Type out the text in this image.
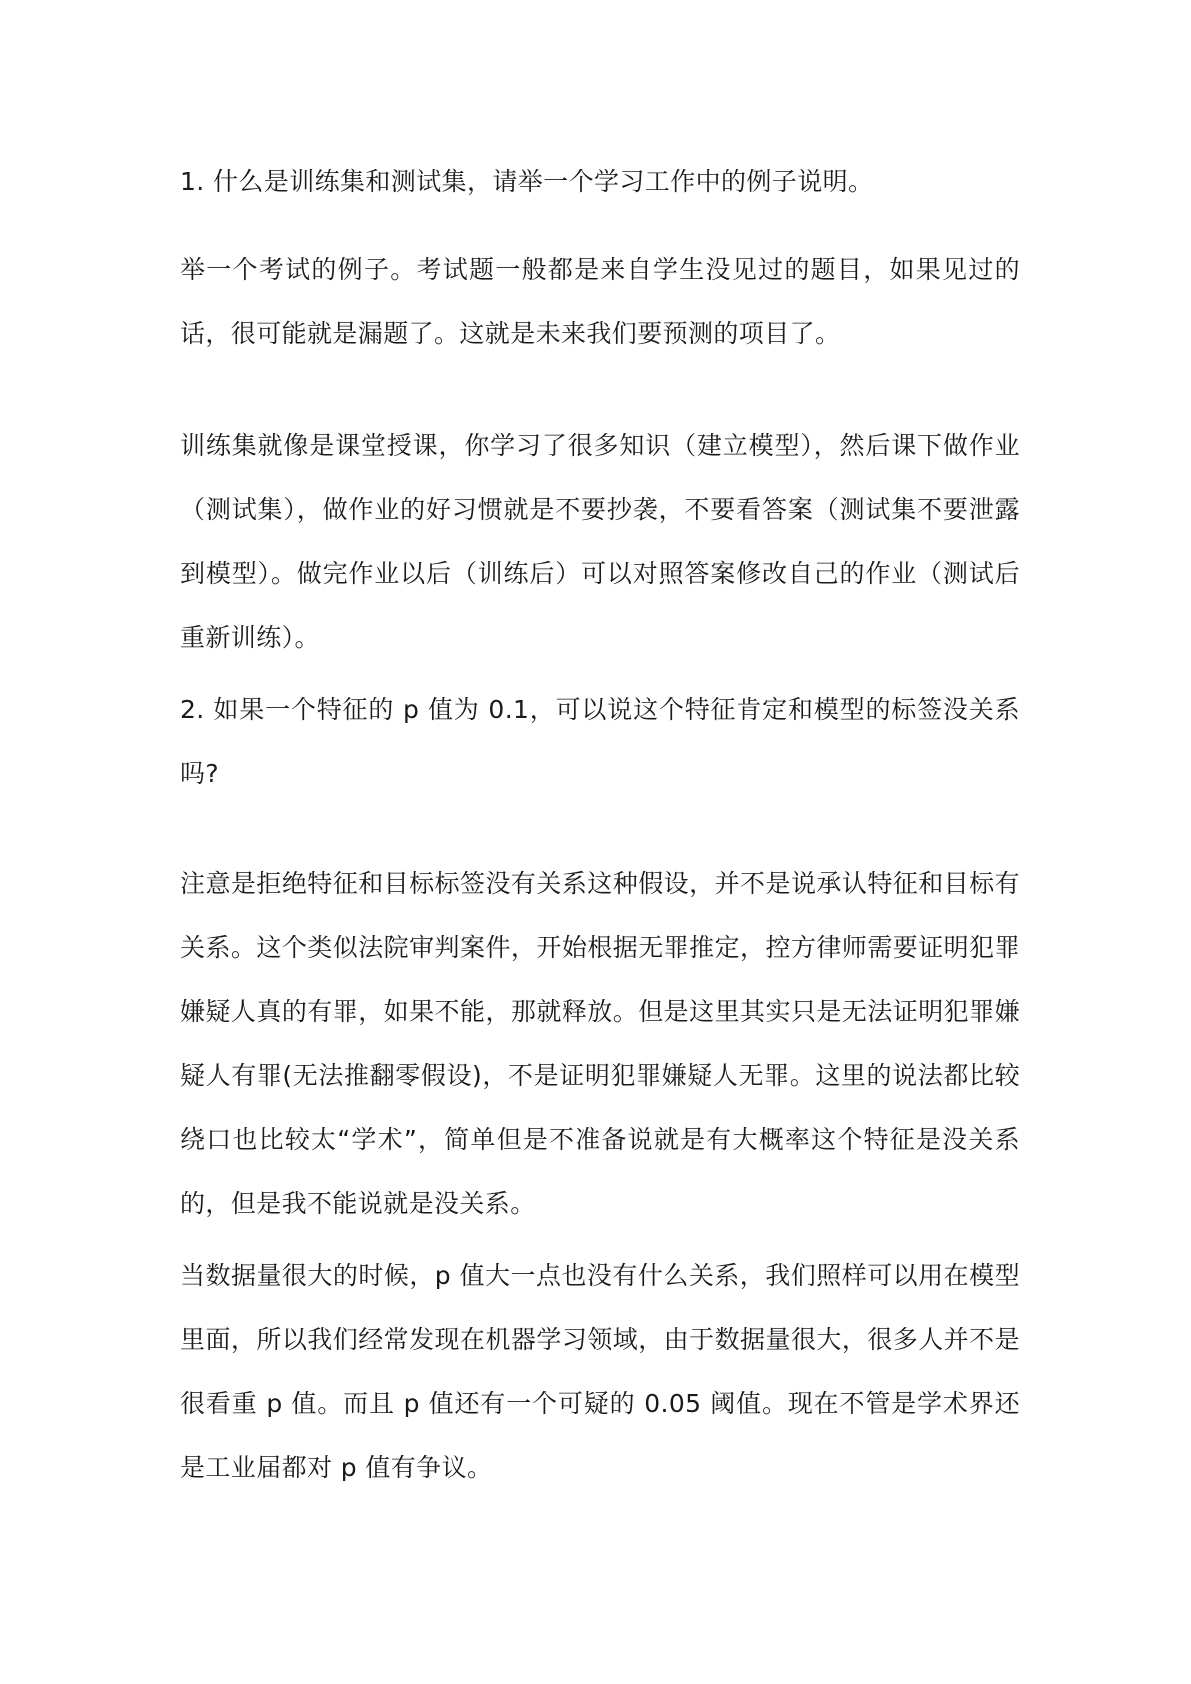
1. 什么是训练集和测试集，请举一个学习工作中的例子说明。

举一个考试的例子。考试题一般都是来自学生没见过的题目，如果见过的话，很可能就是漏题了。这就是未来我们要预测的项目了。

训练集就像是课堂授课，你学习了很多知识（建立模型），然后课下做作业（测试集），做作业的好习惯就是不要抄袭，不要看答案（测试集不要泄露到模型）。做完作业以后（训练后）可以对照答案修改自己的作业（测试后重新训练）。

2. 如果一个特征的 p 值为 0.1，可以说这个特征肯定和模型的标签没关系吗?

注意是拒绝特征和目标标签没有关系这种假设，并不是说承认特征和目标有关系。这个类似法院审判案件，开始根据无罪推定，控方律师需要证明犯罪嫌疑人真的有罪，如果不能，那就释放。但是这里其实只是无法证明犯罪嫌疑人有罪(无法推翻零假设)，不是证明犯罪嫌疑人无罪。这里的说法都比较绕口也比较太“学术”，简单但是不准备说就是有大概率这个特征是没关系的，但是我不能说就是没关系。

当数据量很大的时候，p 值大一点也没有什么关系，我们照样可以用在模型里面，所以我们经常发现在机器学习领域，由于数据量很大，很多人并不是很看重 p 值。而且 p 值还有一个可疑的 0.05 阈值。现在不管是学术界还是工业届都对 p 值有争议。
